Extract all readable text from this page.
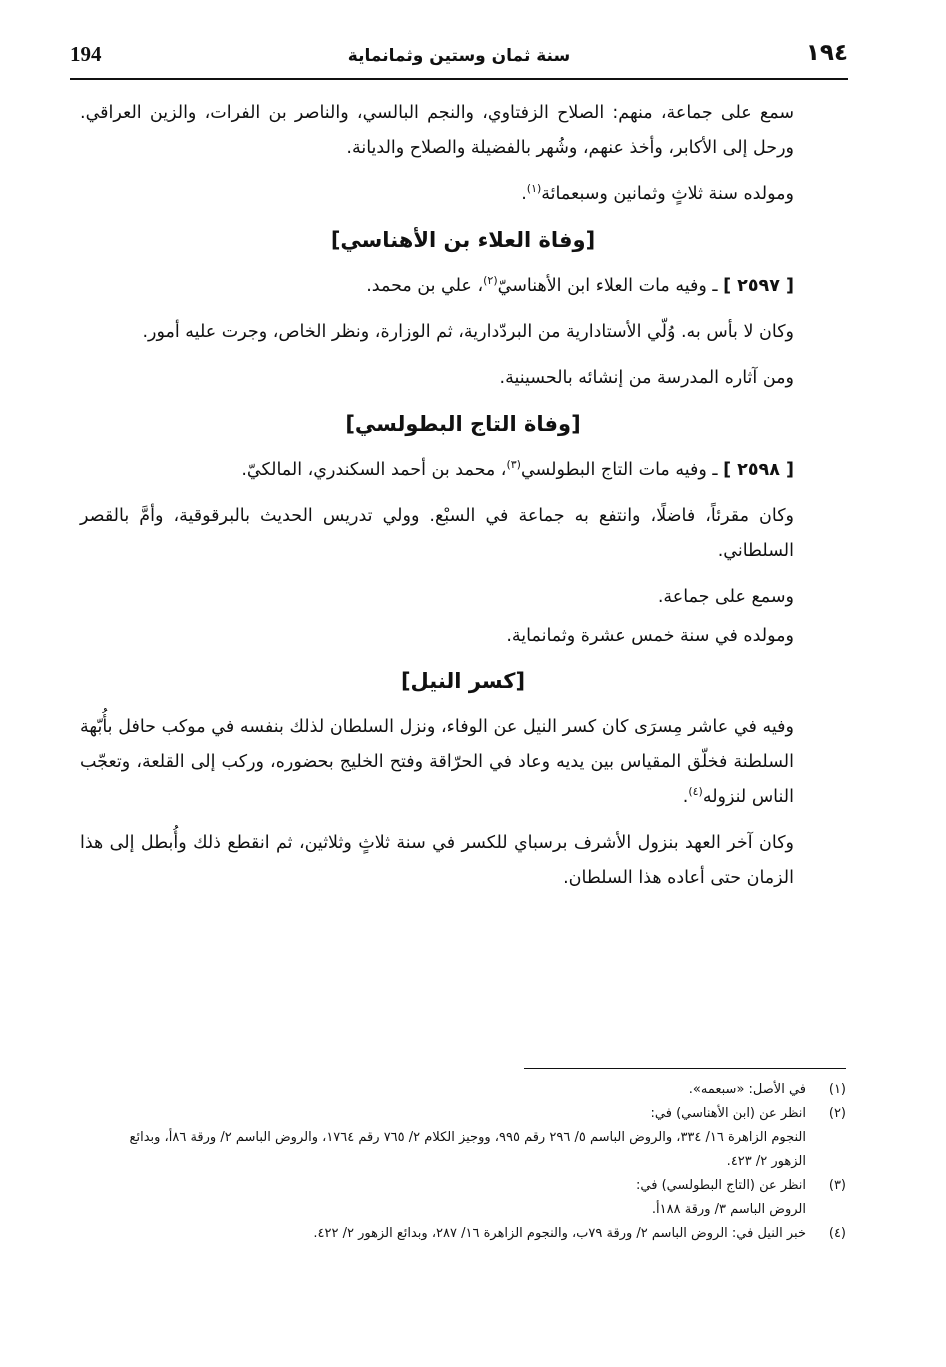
194	سنة ثمان وستين وثمانماية	١٩٤

سمع على جماعة، منهم: الصلاح الزفتاوي، والنجم البالسي، والناصر بن الفرات، والزين العراقي. ورحل إلى الأكابر، وأخذ عنهم، وشُهر بالفضيلة والصلاح والديانة.

ومولده سنة ثلاثٍ وثمانين وسبعمائة$^{(١)}$.

[وفاة العلاء بن الأهناسي]

[ ٢٥٩٧ ] ـ وفيه مات العلاء ابن الأهناسيّ$^{(٢)}$، علي بن محمد.

وكان لا بأس به. وُلّي الأستادارية من البردّدارية، ثم الوزارة، ونظر الخاص، وجرت عليه أمور.

ومن آثاره المدرسة من إنشائه بالحسينية.

[وفاة التاج البطولسي]

[ ٢٥٩٨ ] ـ وفيه مات التاج البطولسي$^{(٣)}$، محمد بن أحمد السكندري، المالكيّ.

وكان مقرئاً، فاضلًا، وانتفع به جماعة في السبْع. وولي تدريس الحديث بالبرقوقية، وأمَّ بالقصر السلطاني.

وسمع على جماعة.

ومولده في سنة خمس عشرة وثمانماية.

[كسر النيل]

وفيه في عاشر مِسرَى كان كسر النيل عن الوفاء، ونزل السلطان لذلك بنفسه في موكب حافل بأُبّهة السلطنة فخلّق المقياس بين يديه وعاد في الحرّاقة وفتح الخليج بحضوره، وركب إلى القلعة، وتعجّب الناس لنزوله$^{(٤)}$.

وكان آخر العهد بنزول الأشرف برسباي للكسر في سنة ثلاثٍ وثلاثين، ثم انقطع ذلك وأُبطل إلى هذا الزمان حتى أعاده هذا السلطان.

(١)
في الأصل: «سبعمه».
(٢)
انظر عن (ابن الأهناسي) في:
النجوم الزاهرة ١٦/ ٣٣٤، والروض الباسم ٥/ ٢٩٦ رقم ٩٩٥، ووجيز الكلام ٢/ ٧٦٥ رقم ١٧٦٤، والروض الباسم ٢/ ورقة ٨٦أ، وبدائع الزهور ٢/ ٤٢٣.
(٣)
انظر عن (التاج البطولسي) في:
الروض الباسم ٣/ ورقة ١٨٨أ.
(٤)
خبر النيل في: الروض الباسم ٢/ ورقة ٧٩ب، والنجوم الزاهرة ١٦/ ٢٨٧، وبدائع الزهور ٢/ ٤٢٢.
